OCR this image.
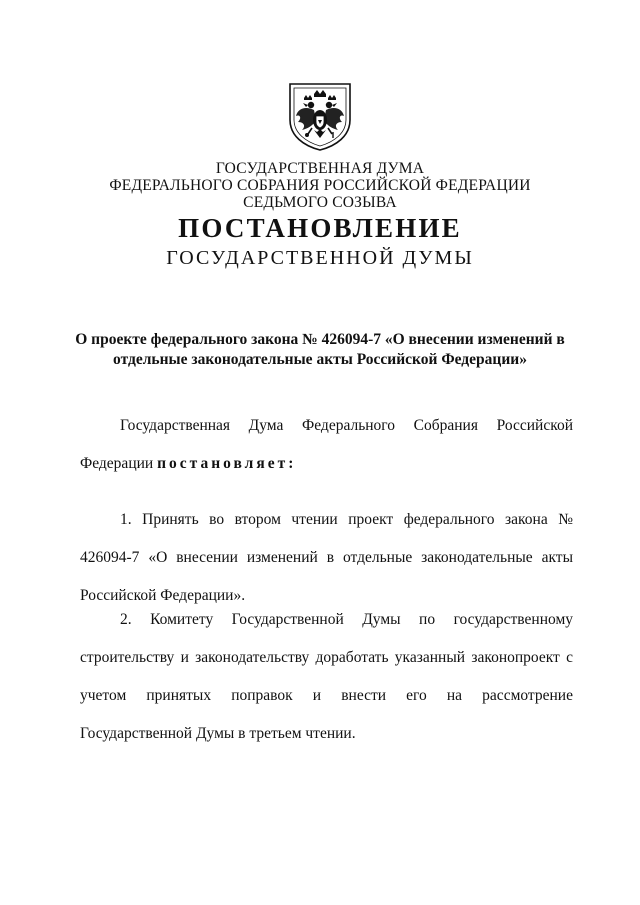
ГОСУДАРСТВЕННАЯ ДУМА
ФЕДЕРАЛЬНОГО СОБРАНИЯ РОССИЙСКОЙ ФЕДЕРАЦИИ
СЕДЬМОГО СОЗЫВА
ПОСТАНОВЛЕНИЕ
ГОСУДАРСТВЕННОЙ ДУМЫ
О проекте федерального закона № 426094-7 «О внесении изменений в отдельные законодательные акты Российской Федерации»
Государственная Дума Федерального Собрания Российской Федерации постановляет:
1. Принять во втором чтении проект федерального закона № 426094-7 «О внесении изменений в отдельные законодательные акты Российской Федерации».
2. Комитету Государственной Думы по государственному строительству и законодательству доработать указанный законопроект с учетом принятых поправок и внести его на рассмотрение Государственной Думы в третьем чтении.
